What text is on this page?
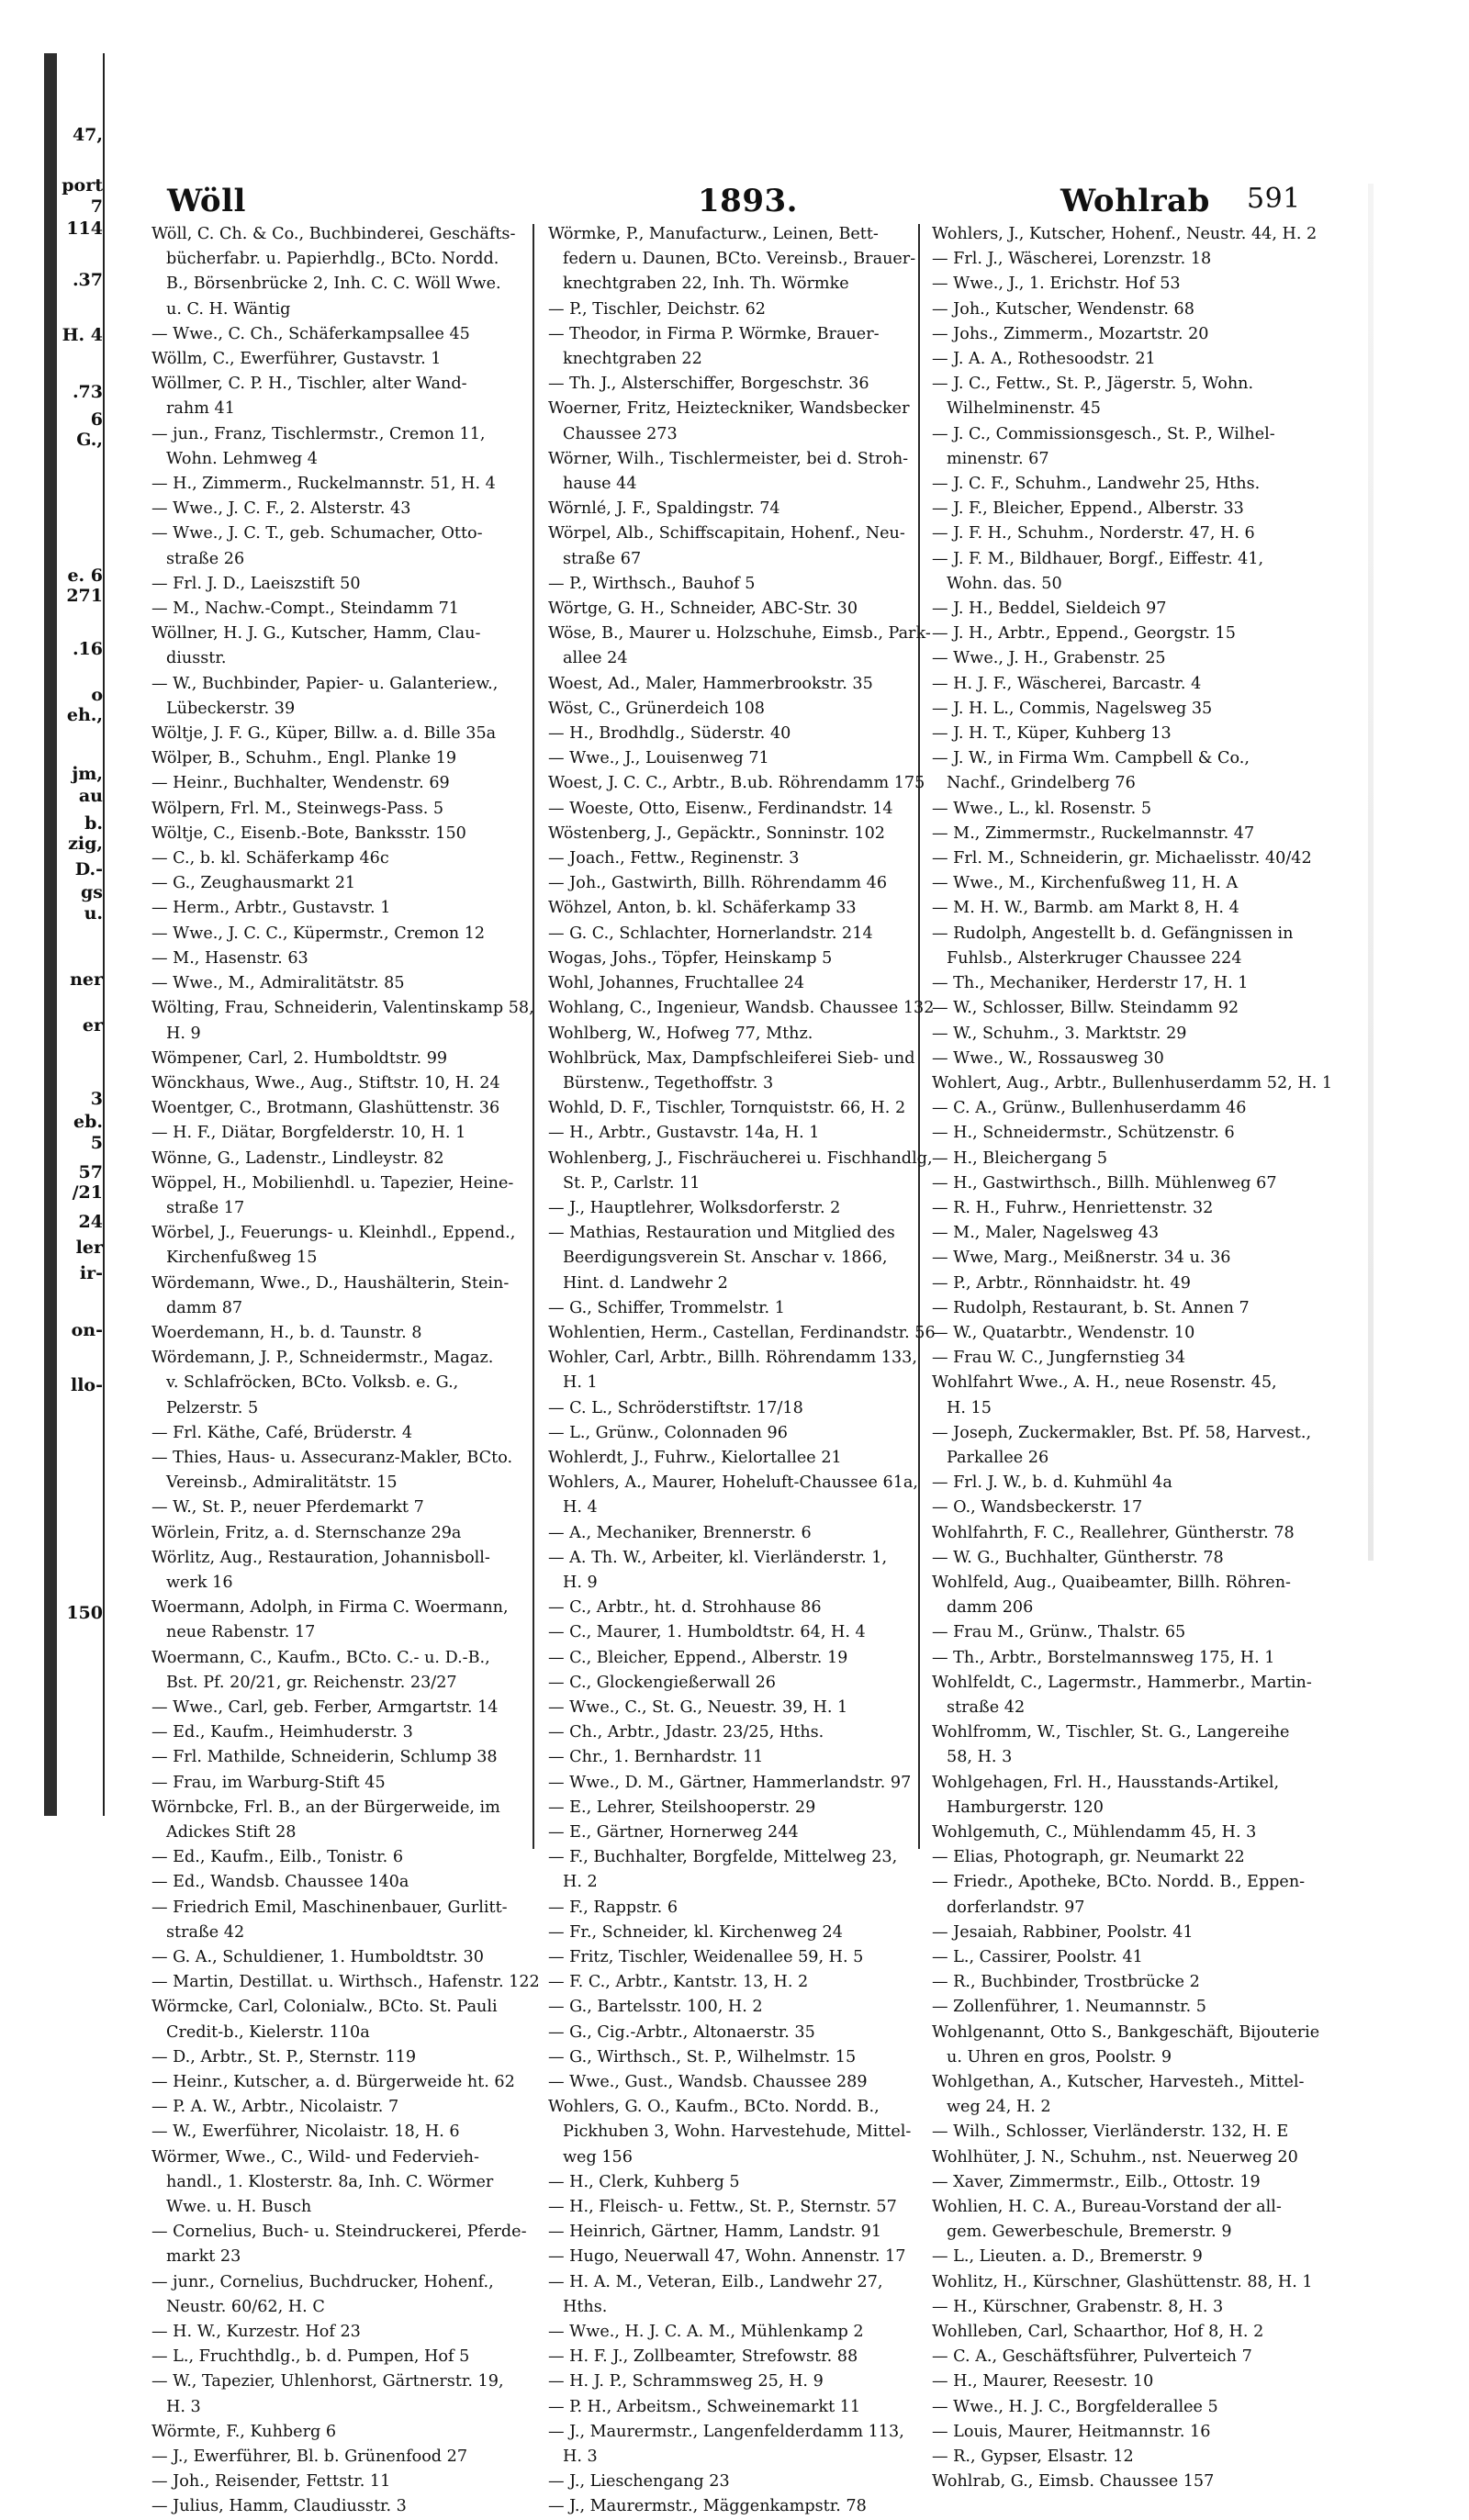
47,
port
7
114
.37
H. 4
.73
6
G.,
e. 6
271
.16
o
eh.,
jm,
au
b.
zig,
D.-
gs
u.
ner
er
3
eb.
5
57
/21
24
ler
ir-
on-
llo-
150
Wöll	1893.	Wohlrab 591
Wöll, C. Ch. & Co., Buchbinderei, Geschäfts-
bücherfabr. u. Papierhdlg., BCto. Nordd.
B., Börsenbrücke 2, Inh. C. C. Wöll Wwe.
u. C. H. Wäntig
— Wwe., C. Ch., Schäferkampsallee 45
Wöllm, C., Ewerführer, Gustavstr. 1
Wöllmer, C. P. H., Tischler, alter Wand-
rahm 41
— jun., Franz, Tischlermstr., Cremon 11,
Wohn. Lehmweg 4
— H., Zimmerm., Ruckelmannstr. 51, H. 4
— Wwe., J. C. F., 2. Alsterstr. 43
— Wwe., J. C. T., geb. Schumacher, Otto-
straße 26
— Frl. J. D., Laeiszstift 50
— M., Nachw.-Compt., Steindamm 71
Wöllner, H. J. G., Kutscher, Hamm, Clau-
diusstr.
— W., Buchbinder, Papier- u. Galanteriew.,
Lübeckerstr. 39
Wöltje, J. F. G., Küper, Billw. a. d. Bille 35a
Wölper, B., Schuhm., Engl. Planke 19
— Heinr., Buchhalter, Wendenstr. 69
Wölpern, Frl. M., Steinwegs-Pass. 5
Wöltje, C., Eisenb.-Bote, Banksstr. 150
— C., b. kl. Schäferkamp 46c
— G., Zeughausmarkt 21
— Herm., Arbtr., Gustavstr. 1
— Wwe., J. C. C., Küpermstr., Cremon 12
— M., Hasenstr. 63
— Wwe., M., Admiralitätstr. 85
Wölting, Frau, Schneiderin, Valentinskamp 58,
H. 9
Wömpener, Carl, 2. Humboldtstr. 99
Wönckhaus, Wwe., Aug., Stiftstr. 10, H. 24
Woentger, C., Brotmann, Glashüttenstr. 36
— H. F., Diätar, Borgfelderstr. 10, H. 1
Wönne, G., Ladenstr., Lindleystr. 82
Wöppel, H., Mobilienhdl. u. Tapezier, Heine-
straße 17
Wörbel, J., Feuerungs- u. Kleinhdl., Eppend.,
Kirchenfußweg 15
Wördemann, Wwe., D., Haushälterin, Stein-
damm 87
Woerdemann, H., b. d. Taunstr. 8
Wördemann, J. P., Schneidermstr., Magaz.
v. Schlafröcken, BCto. Volksb. e. G.,
Pelzerstr. 5
— Frl. Käthe, Café, Brüderstr. 4
— Thies, Haus- u. Assecuranz-Makler, BCto.
Vereinsb., Admiralitätstr. 15
— W., St. P., neuer Pferdemarkt 7
Wörlein, Fritz, a. d. Sternschanze 29a
Wörlitz, Aug., Restauration, Johannisboll-
werk 16
Woermann, Adolph, in Firma C. Woermann,
neue Rabenstr. 17
Woermann, C., Kaufm., BCto. C.- u. D.-B.,
Bst. Pf. 20/21, gr. Reichenstr. 23/27
— Wwe., Carl, geb. Ferber, Armgartstr. 14
— Ed., Kaufm., Heimhuderstr. 3
— Frl. Mathilde, Schneiderin, Schlump 38
— Frau, im Warburg-Stift 45
Wörnbcke, Frl. B., an der Bürgerweide, im
Adickes Stift 28
— Ed., Kaufm., Eilb., Tonistr. 6
— Ed., Wandsb. Chaussee 140a
— Friedrich Emil, Maschinenbauer, Gurlitt-
straße 42
— G. A., Schuldiener, 1. Humboldtstr. 30
— Martin, Destillat. u. Wirthsch., Hafenstr. 122
Wörmcke, Carl, Colonialw., BCto. St. Pauli
Credit-b., Kielerstr. 110a
— D., Arbtr., St. P., Sternstr. 119
— Heinr., Kutscher, a. d. Bürgerweide ht. 62
— P. A. W., Arbtr., Nicolaistr. 7
— W., Ewerführer, Nicolaistr. 18, H. 6
Wörmer, Wwe., C., Wild- und Federvieh-
handl., 1. Klosterstr. 8a, Inh. C. Wörmer
Wwe. u. H. Busch
— Cornelius, Buch- u. Steindruckerei, Pferde-
markt 23
— junr., Cornelius, Buchdrucker, Hohenf.,
Neustr. 60/62, H. C
— H. W., Kurzestr. Hof 23
— L., Fruchthdlg., b. d. Pumpen, Hof 5
— W., Tapezier, Uhlenhorst, Gärtnerstr. 19,
H. 3
Wörmte, F., Kuhberg 6
— J., Ewerführer, Bl. b. Grünenfood 27
— Joh., Reisender, Fettstr. 11
— Julius, Hamm, Claudiusstr. 3
Wörmke, P., Manufacturw., Leinen, Bett-
federn u. Daunen, BCto. Vereinsb., Brauer-
knechtgraben 22, Inh. Th. Wörmke
— P., Tischler, Deichstr. 62
— Theodor, in Firma P. Wörmke, Brauer-
knechtgraben 22
— Th. J., Alsterschiffer, Borgeschstr. 36
Woerner, Fritz, Heizteckniker, Wandsbecker
Chaussee 273
Wörner, Wilh., Tischlermeister, bei d. Stroh-
hause 44
Wörnlé, J. F., Spaldingstr. 74
Wörpel, Alb., Schiffscapitain, Hohenf., Neu-
straße 67
— P., Wirthsch., Bauhof 5
Wörtge, G. H., Schneider, ABC-Str. 30
Wöse, B., Maurer u. Holzschuhe, Eimsb., Park-
allee 24
Woest, Ad., Maler, Hammerbrookstr. 35
Wöst, C., Grünerdeich 108
— H., Brodhdlg., Süderstr. 40
— Wwe., J., Louisenweg 71
Woest, J. C. C., Arbtr., B.ub. Röhrendamm 175
— Woeste, Otto, Eisenw., Ferdinandstr. 14
Wöstenberg, J., Gepäcktr., Sonninstr. 102
— Joach., Fettw., Reginenstr. 3
— Joh., Gastwirth, Billh. Röhrendamm 46
Wöhzel, Anton, b. kl. Schäferkamp 33
— G. C., Schlachter, Hornerlandstr. 214
Wogas, Johs., Töpfer, Heinskamp 5
Wohl, Johannes, Fruchtallee 24
Wohlang, C., Ingenieur, Wandsb. Chaussee 132
Wohlberg, W., Hofweg 77, Mthz.
Wohlbrück, Max, Dampfschleiferei Sieb- und
Bürstenw., Tegethoffstr. 3
Wohld, D. F., Tischler, Tornquiststr. 66, H. 2
— H., Arbtr., Gustavstr. 14a, H. 1
Wohlenberg, J., Fischräucherei u. Fischhandlg,
St. P., Carlstr. 11
— J., Hauptlehrer, Wolksdorferstr. 2
— Mathias, Restauration und Mitglied des
Beerdigungsverein St. Anschar v. 1866,
Hint. d. Landwehr 2
— G., Schiffer, Trommelstr. 1
Wohlentien, Herm., Castellan, Ferdinandstr. 56
Wohler, Carl, Arbtr., Billh. Röhrendamm 133,
H. 1
— C. L., Schröderstiftstr. 17/18
— L., Grünw., Colonnaden 96
Wohlerdt, J., Fuhrw., Kielortallee 21
Wohlers, A., Maurer, Hoheluft-Chaussee 61a,
H. 4
— A., Mechaniker, Brennerstr. 6
— A. Th. W., Arbeiter, kl. Vierländerstr. 1,
H. 9
— C., Arbtr., ht. d. Strohhause 86
— C., Maurer, 1. Humboldtstr. 64, H. 4
— C., Bleicher, Eppend., Alberstr. 19
— C., Glockengießerwall 26
— Wwe., C., St. G., Neuestr. 39, H. 1
— Ch., Arbtr., Jdastr. 23/25, Hths.
— Chr., 1. Bernhardstr. 11
— Wwe., D. M., Gärtner, Hammerlandstr. 97
— E., Lehrer, Steilshooperstr. 29
— E., Gärtner, Hornerweg 244
— F., Buchhalter, Borgfelde, Mittelweg 23,
H. 2
— F., Rappstr. 6
— Fr., Schneider, kl. Kirchenweg 24
— Fritz, Tischler, Weidenallee 59, H. 5
— F. C., Arbtr., Kantstr. 13, H. 2
— G., Bartelsstr. 100, H. 2
— G., Cig.-Arbtr., Altonaerstr. 35
— G., Wirthsch., St. P., Wilhelmstr. 15
— Wwe., Gust., Wandsb. Chaussee 289
Wohlers, G. O., Kaufm., BCto. Nordd. B.,
Pickhuben 3, Wohn. Harvestehude, Mittel-
weg 156
— H., Clerk, Kuhberg 5
— H., Fleisch- u. Fettw., St. P., Sternstr. 57
— Heinrich, Gärtner, Hamm, Landstr. 91
— Hugo, Neuerwall 47, Wohn. Annenstr. 17
— H. A. M., Veteran, Eilb., Landwehr 27,
Hths.
— Wwe., H. J. C. A. M., Mühlenkamp 2
— H. F. J., Zollbeamter, Strefowstr. 88
— H. J. P., Schrammsweg 25, H. 9
— P. H., Arbeitsm., Schweinemarkt 11
— J., Maurermstr., Langenfelderdamm 113,
H. 3
— J., Lieschengang 23
— J., Maurermstr., Mäggenkampstr. 78
Wohlers, J., Kutscher, Hohenf., Neustr. 44, H. 2
— Frl. J., Wäscherei, Lorenzstr. 18
— Wwe., J., 1. Erichstr. Hof 53
— Joh., Kutscher, Wendenstr. 68
— Johs., Zimmerm., Mozartstr. 20
— J. A. A., Rothesoodstr. 21
— J. C., Fettw., St. P., Jägerstr. 5, Wohn.
Wilhelminenstr. 45
— J. C., Commissionsgesch., St. P., Wilhel-
minenstr. 67
— J. C. F., Schuhm., Landwehr 25, Hths.
— J. F., Bleicher, Eppend., Alberstr. 33
— J. F. H., Schuhm., Norderstr. 47, H. 6
— J. F. M., Bildhauer, Borgf., Eiffestr. 41,
Wohn. das. 50
— J. H., Beddel, Sieldeich 97
— J. H., Arbtr., Eppend., Georgstr. 15
— Wwe., J. H., Grabenstr. 25
— H. J. F., Wäscherei, Barcastr. 4
— J. H. L., Commis, Nagelsweg 35
— J. H. T., Küper, Kuhberg 13
— J. W., in Firma Wm. Campbell & Co.,
Nachf., Grindelberg 76
— Wwe., L., kl. Rosenstr. 5
— M., Zimmermstr., Ruckelmannstr. 47
— Frl. M., Schneiderin, gr. Michaelisstr. 40/42
— Wwe., M., Kirchenfußweg 11, H. A
— M. H. W., Barmb. am Markt 8, H. 4
— Rudolph, Angestellt b. d. Gefängnissen in
Fuhlsb., Alsterkruger Chaussee 224
— Th., Mechaniker, Herderstr 17, H. 1
— W., Schlosser, Billw. Steindamm 92
— W., Schuhm., 3. Marktstr. 29
— Wwe., W., Rossausweg 30
Wohlert, Aug., Arbtr., Bullenhuserdamm 52, H. 1
— C. A., Grünw., Bullenhuserdamm 46
— H., Schneidermstr., Schützenstr. 6
— H., Bleichergang 5
— H., Gastwirthsch., Billh. Mühlenweg 67
— R. H., Fuhrw., Henriettenstr. 32
— M., Maler, Nagelsweg 43
— Wwe, Marg., Meißnerstr. 34 u. 36
— P., Arbtr., Rönnhaidstr. ht. 49
— Rudolph, Restaurant, b. St. Annen 7
— W., Quatarbtr., Wendenstr. 10
— Frau W. C., Jungfernstieg 34
Wohlfahrt Wwe., A. H., neue Rosenstr. 45,
H. 15
— Joseph, Zuckermakler, Bst. Pf. 58, Harvest.,
Parkallee 26
— Frl. J. W., b. d. Kuhmühl 4a
— O., Wandsbeckerstr. 17
Wohlfahrth, F. C., Reallehrer, Güntherstr. 78
— W. G., Buchhalter, Güntherstr. 78
Wohlfeld, Aug., Quaibeamter, Billh. Röhren-
damm 206
— Frau M., Grünw., Thalstr. 65
— Th., Arbtr., Borstelmannsweg 175, H. 1
Wohlfeldt, C., Lagermstr., Hammerbr., Martin-
straße 42
Wohlfromm, W., Tischler, St. G., Langereihe
58, H. 3
Wohlgehagen, Frl. H., Hausstands-Artikel,
Hamburgerstr. 120
Wohlgemuth, C., Mühlendamm 45, H. 3
— Elias, Photograph, gr. Neumarkt 22
— Friedr., Apotheke, BCto. Nordd. B., Eppen-
dorferlandstr. 97
— Jesaiah, Rabbiner, Poolstr. 41
— L., Cassirer, Poolstr. 41
— R., Buchbinder, Trostbrücke 2
— Zollenführer, 1. Neumannstr. 5
Wohlgenannt, Otto S., Bankgeschäft, Bijouterie
u. Uhren en gros, Poolstr. 9
Wohlgethan, A., Kutscher, Harvesteh., Mittel-
weg 24, H. 2
— Wilh., Schlosser, Vierländerstr. 132, H. E
Wohlhüter, J. N., Schuhm., nst. Neuerweg 20
— Xaver, Zimmermstr., Eilb., Ottostr. 19
Wohlien, H. C. A., Bureau-Vorstand der all-
gem. Gewerbeschule, Bremerstr. 9
— L., Lieuten. a. D., Bremerstr. 9
Wohlitz, H., Kürschner, Glashüttenstr. 88, H. 1
— H., Kürschner, Grabenstr. 8, H. 3
Wohlleben, Carl, Schaarthor, Hof 8, H. 2
— C. A., Geschäftsführer, Pulverteich 7
— H., Maurer, Reesestr. 10
— Wwe., H. J. C., Borgfelderallee 5
— Louis, Maurer, Heitmannstr. 16
— R., Gypser, Elsastr. 12
Wohlrab, G., Eimsb. Chaussee 157
